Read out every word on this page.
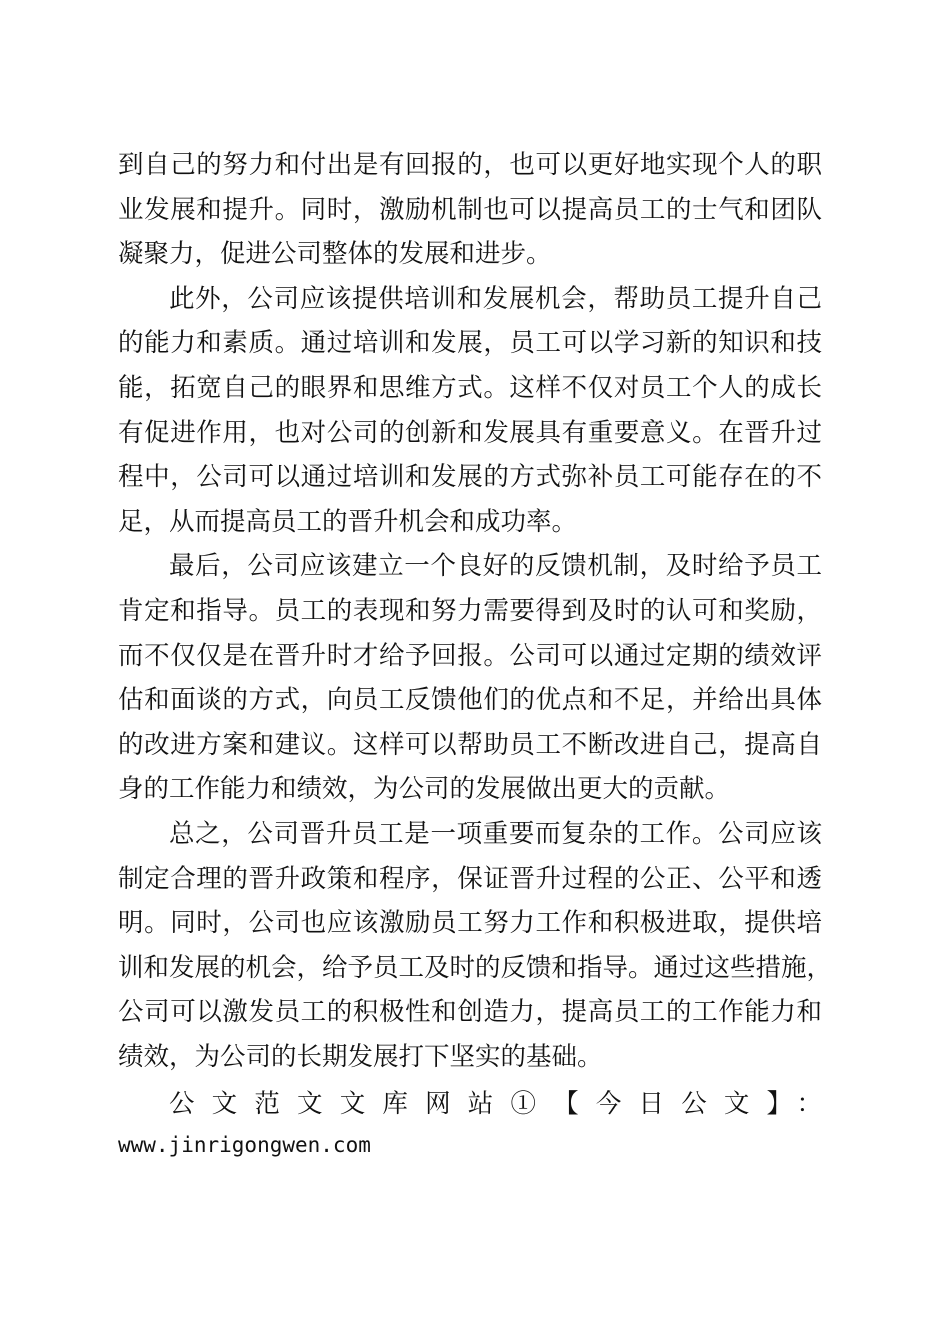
到自己的努力和付出是有回报的，也可以更好地实现个人的职
业发展和提升。同时，激励机制也可以提高员工的士气和团队
凝聚力，促进公司整体的发展和进步。
此外，公司应该提供培训和发展机会，帮助员工提升自己
的能力和素质。通过培训和发展，员工可以学习新的知识和技
能，拓宽自己的眼界和思维方式。这样不仅对员工个人的成长
有促进作用，也对公司的创新和发展具有重要意义。在晋升过
程中，公司可以通过培训和发展的方式弥补员工可能存在的不
足，从而提高员工的晋升机会和成功率。
最后，公司应该建立一个良好的反馈机制，及时给予员工
肯定和指导。员工的表现和努力需要得到及时的认可和奖励，
而不仅仅是在晋升时才给予回报。公司可以通过定期的绩效评
估和面谈的方式，向员工反馈他们的优点和不足，并给出具体
的改进方案和建议。这样可以帮助员工不断改进自己，提高自
身的工作能力和绩效，为公司的发展做出更大的贡献。
总之，公司晋升员工是一项重要而复杂的工作。公司应该
制定合理的晋升政策和程序，保证晋升过程的公正、公平和透
明。同时，公司也应该激励员工努力工作和积极进取，提供培
训和发展的机会，给予员工及时的反馈和指导。通过这些措施，
公司可以激发员工的积极性和创造力，提高员工的工作能力和
绩效，为公司的长期发展打下坚实的基础。
公文范文文库网站①【今日公文】：
www.jinrigongwen.com
